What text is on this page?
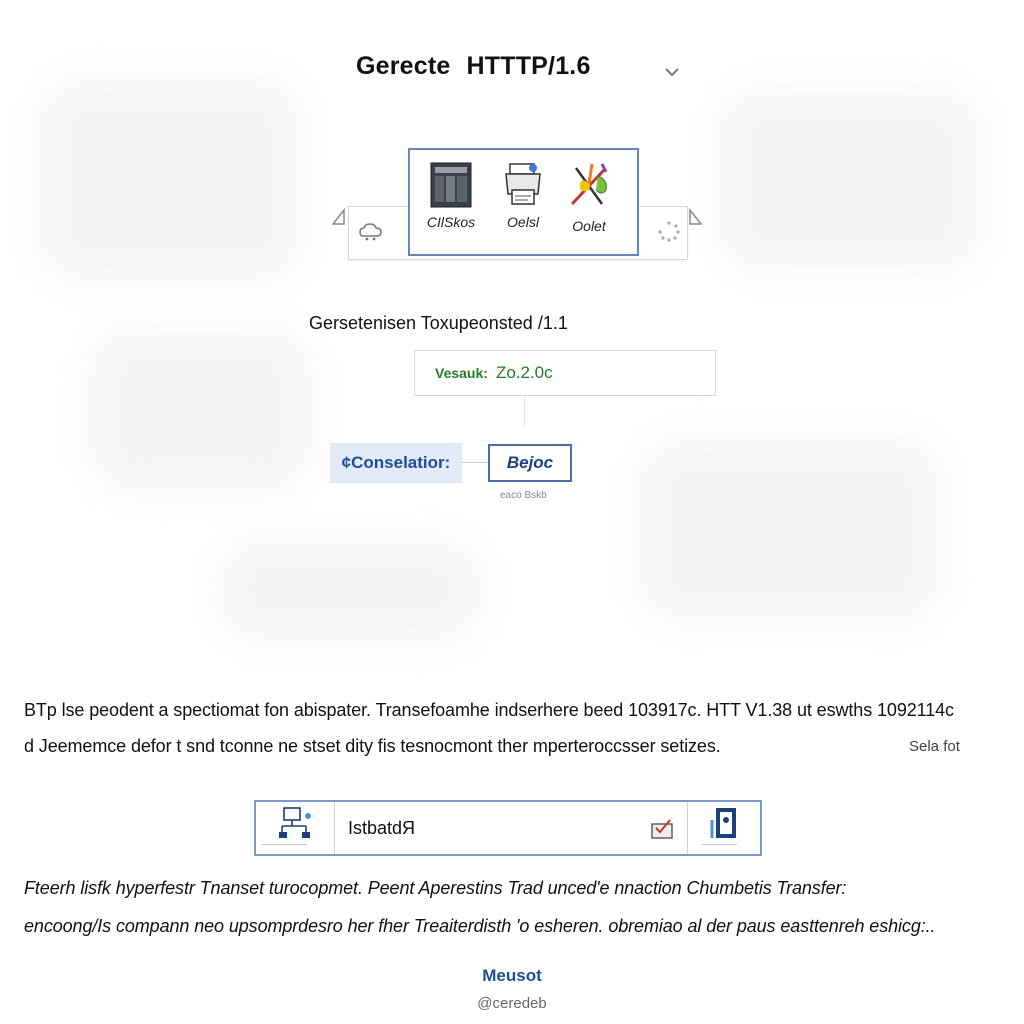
Gerecte HTTTP/1.6
CIlSkos	Oelsl	Oolet
Gersetenisen Toxupeonsted /1.1
Vesauk: Zo.2.0c
¢Conselatior:	Bejoc
eaco Bskb
BTp lse peodent a spectiomat fon abispater. Transefoamhe indserhere beed 103917c. HTT V1.38 ut eswths 1092114c
d Jeememce defor t snd tconne ne stset dity fis tesnocmont ther mperteroccsser setizes.	Sela fot
─────────
IstbatdЯ
───────
Fteerh lisfk hyperfestr Tnanset turocopmet. Peent Aperestins Trad unced'e nnaction Chumbetis Transfer:
encoong/Is compann neo upsomprdesro her fher Treaiterdisth 'o esheren. obremiao al der paus easttenreh eshicg:..
Meusot
@ceredeb
